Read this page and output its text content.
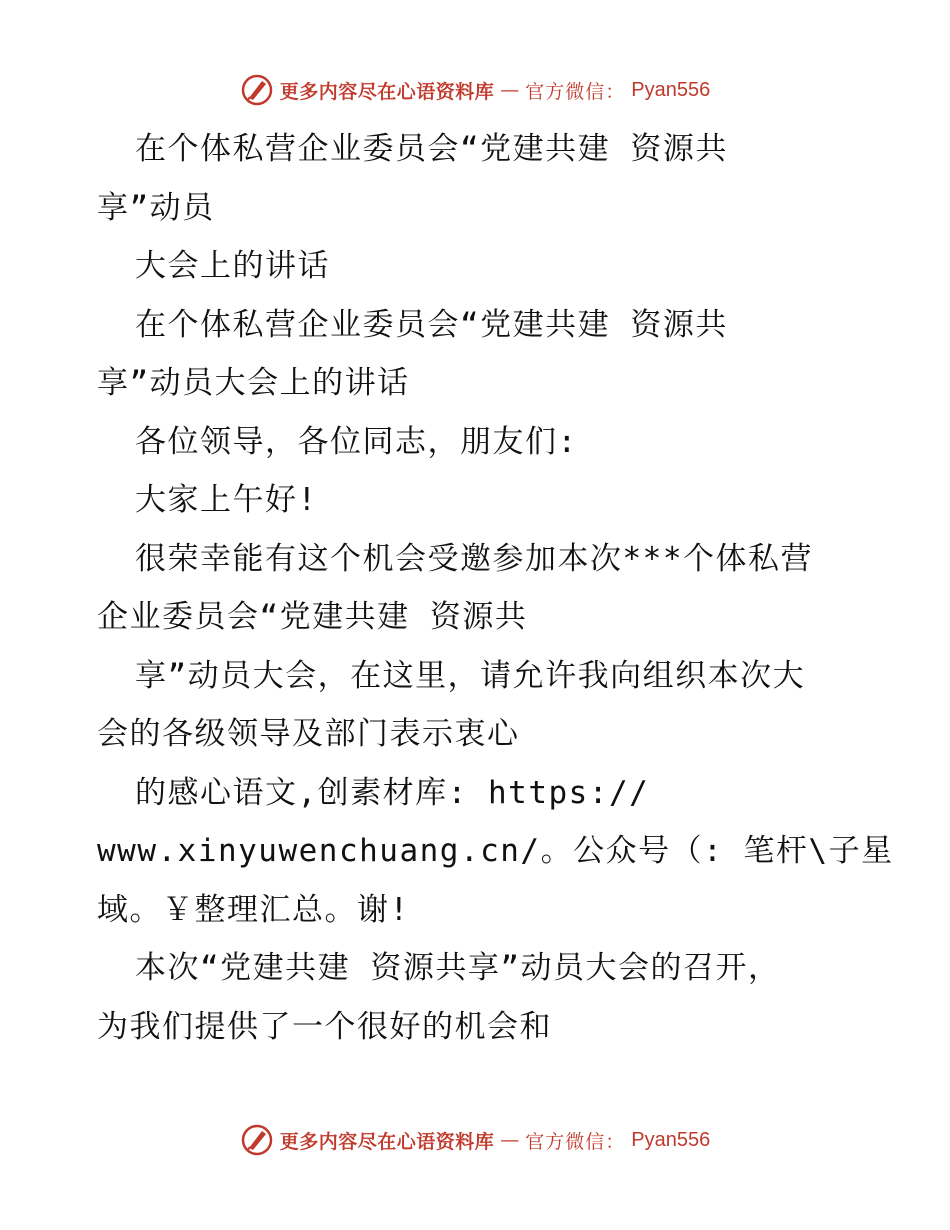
更多内容尽在心语资料库 — 官方微信： Pyan556
在个体私营企业委员会“党建共建 资源共
享”动员
大会上的讲话
在个体私营企业委员会“党建共建 资源共
享”动员大会上的讲话
各位领导，各位同志，朋友们:
大家上午好!
很荣幸能有这个机会受邀参加本次***个体私营
企业委员会“党建共建 资源共
享”动员大会，在这里，请允许我向组织本次大
会的各级领导及部门表示衷心
的感心语文,创素材库: https://
www.xinyuwenchuang.cn/。公众号（: 笔杆\子星
域。￥整理汇总。谢!
本次“党建共建 资源共享”动员大会的召开，
为我们提供了一个很好的机会和
更多内容尽在心语资料库 — 官方微信： Pyan556
